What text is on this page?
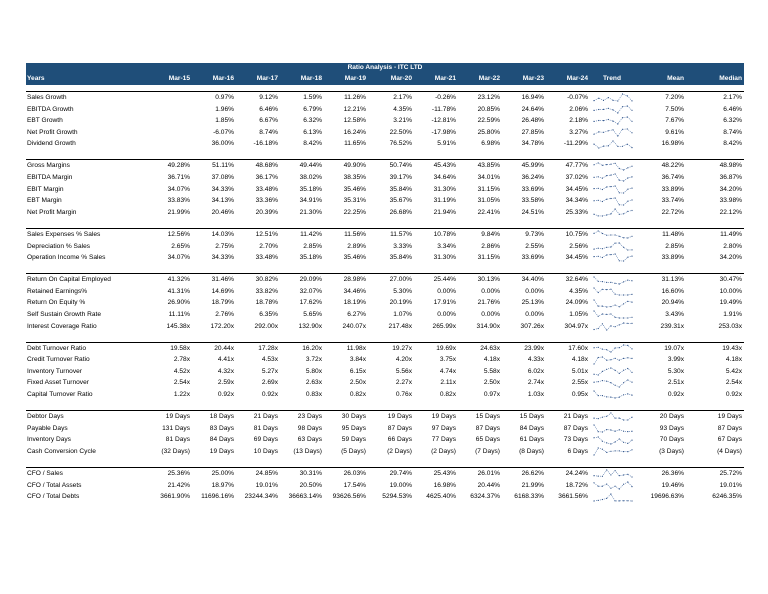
Ratio Analysis - ITC LTD
Years	Mar-15	Mar-16	Mar-17	Mar-18	Mar-19	Mar-20	Mar-21	Mar-22	Mar-23	Mar-24	Trend	Mean	Median

Sales Growth		0.97%	9.12%	1.59%	11.26%	2.17%	-0.26%	23.12%	16.94%	-0.07%		7.20%	2.17%
EBITDA Growth		1.96%	6.46%	6.79%	12.21%	4.35%	-11.78%	20.85%	24.64%	2.06%		7.50%	6.46%
EBT Growth		1.85%	6.67%	6.32%	12.58%	3.21%	-12.81%	22.59%	26.48%	2.18%		7.67%	6.32%
Net Profit Growth		-6.07%	8.74%	6.13%	16.24%	22.50%	-17.98%	25.80%	27.85%	3.27%		9.61%	8.74%
Dividend Growth		36.00%	-16.18%	8.42%	11.65%	76.52%	5.91%	6.98%	34.78%	-11.29%		16.98%	8.42%

Gross Margins	49.28%	51.11%	48.68%	49.44%	49.90%	50.74%	45.43%	43.85%	45.99%	47.77%		48.22%	48.98%
EBITDA Margin	36.71%	37.08%	36.17%	38.02%	38.35%	39.17%	34.64%	34.01%	36.24%	37.02%		36.74%	36.87%
EBIT Margin	34.07%	34.33%	33.48%	35.18%	35.46%	35.84%	31.30%	31.15%	33.69%	34.45%		33.89%	34.20%
EBT Margin	33.83%	34.13%	33.36%	34.91%	35.31%	35.67%	31.19%	31.05%	33.58%	34.34%		33.74%	33.98%
Net Profit Margin	21.99%	20.46%	20.39%	21.30%	22.25%	26.68%	21.94%	22.41%	24.51%	25.33%		22.72%	22.12%

Sales Expenses % Sales	12.56%	14.03%	12.51%	11.42%	11.56%	11.57%	10.78%	9.84%	9.73%	10.75%		11.48%	11.49%
Depreciation % Sales	2.65%	2.75%	2.70%	2.85%	2.89%	3.33%	3.34%	2.86%	2.55%	2.56%		2.85%	2.80%
Operation Income % Sales	34.07%	34.33%	33.48%	35.18%	35.46%	35.84%	31.30%	31.15%	33.69%	34.45%		33.89%	34.20%

Return On Capital Employed	41.32%	31.46%	30.82%	29.09%	28.98%	27.00%	25.44%	30.13%	34.40%	32.64%		31.13%	30.47%
Retained Earnings%	41.31%	14.69%	33.82%	32.07%	34.46%	5.30%	0.00%	0.00%	0.00%	4.35%		16.60%	10.00%
Return On Equity %	26.90%	18.79%	18.78%	17.62%	18.19%	20.19%	17.91%	21.76%	25.13%	24.09%		20.94%	19.49%
Self Sustain Growth Rate	11.11%	2.76%	6.35%	5.65%	6.27%	1.07%	0.00%	0.00%	0.00%	1.05%		3.43%	1.91%
Interest Coverage Ratio	145.38x	172.20x	292.00x	132.90x	240.07x	217.48x	265.99x	314.90x	307.26x	304.97x		239.31x	253.03x

Debt Turnover Ratio	19.58x	20.44x	17.28x	16.20x	11.98x	19.27x	19.69x	24.63x	23.99x	17.60x		19.07x	19.43x
Credit Turnover Ratio	2.78x	4.41x	4.53x	3.72x	3.84x	4.20x	3.75x	4.18x	4.33x	4.18x		3.99x	4.18x
Inventory Turnover	4.52x	4.32x	5.27x	5.80x	6.15x	5.56x	4.74x	5.58x	6.02x	5.01x		5.30x	5.42x
Fixed Asset Turnover	2.54x	2.59x	2.69x	2.63x	2.50x	2.27x	2.11x	2.50x	2.74x	2.55x		2.51x	2.54x
Capital Turnover Ratio	1.22x	0.92x	0.92x	0.83x	0.82x	0.76x	0.82x	0.97x	1.03x	0.95x		0.92x	0.92x

Debtor Days	19 Days	18 Days	21 Days	23 Days	30 Days	19 Days	19 Days	15 Days	15 Days	21 Days		20 Days	19 Days
Payable Days	131 Days	83 Days	81 Days	98 Days	95 Days	87 Days	97 Days	87 Days	84 Days	87 Days		93 Days	87 Days
Inventory Days	81 Days	84 Days	69 Days	63 Days	59 Days	66 Days	77 Days	65 Days	61 Days	73 Days		70 Days	67 Days
Cash Conversion Cycle	(32 Days)	19 Days	10 Days	(13 Days)	(5 Days)	(2 Days)	(2 Days)	(7 Days)	(8 Days)	6 Days		(3 Days)	(4 Days)

CFO / Sales	25.36%	25.00%	24.85%	30.31%	26.03%	29.74%	25.43%	26.01%	26.62%	24.24%		26.36%	25.72%
CFO / Total Assets	21.42%	18.97%	19.01%	20.50%	17.54%	19.00%	16.98%	20.44%	21.99%	18.72%		19.46%	19.01%
CFO / Total Debts	3661.90%	11696.16%	23244.34%	36663.14%	93626.56%	5294.53%	4625.40%	6324.37%	6168.33%	3661.56%		19696.63%	6246.35%
